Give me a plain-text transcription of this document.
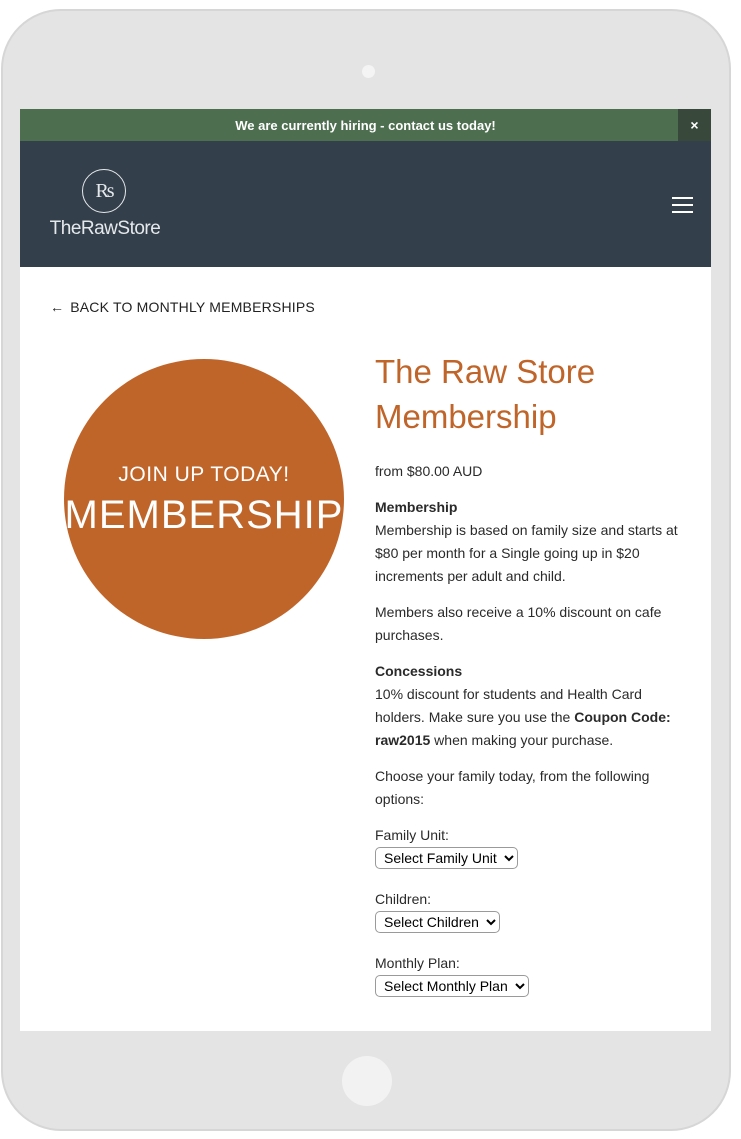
We are currently hiring - contact us today!	×
Rs
TheRawStore
← BACK TO MONTHLY MEMBERSHIPS
JOIN UP TODAY!
MEMBERSHIP
The Raw Store
Membership
from $80.00 AUD

Membership

Membership is based on family size and starts at $80 per month for a Single going up in $20 increments per adult and child.

Members also receive a 10% discount on cafe purchases.

Concessions

10% discount for students and Health Card holders. Make sure you use the Coupon Code: raw2015 when making your purchase.

Choose your family today, from the following options:

Family Unit:
Select Family Unit
Children:
Select Children
Monthly Plan:
Select Monthly Plan
